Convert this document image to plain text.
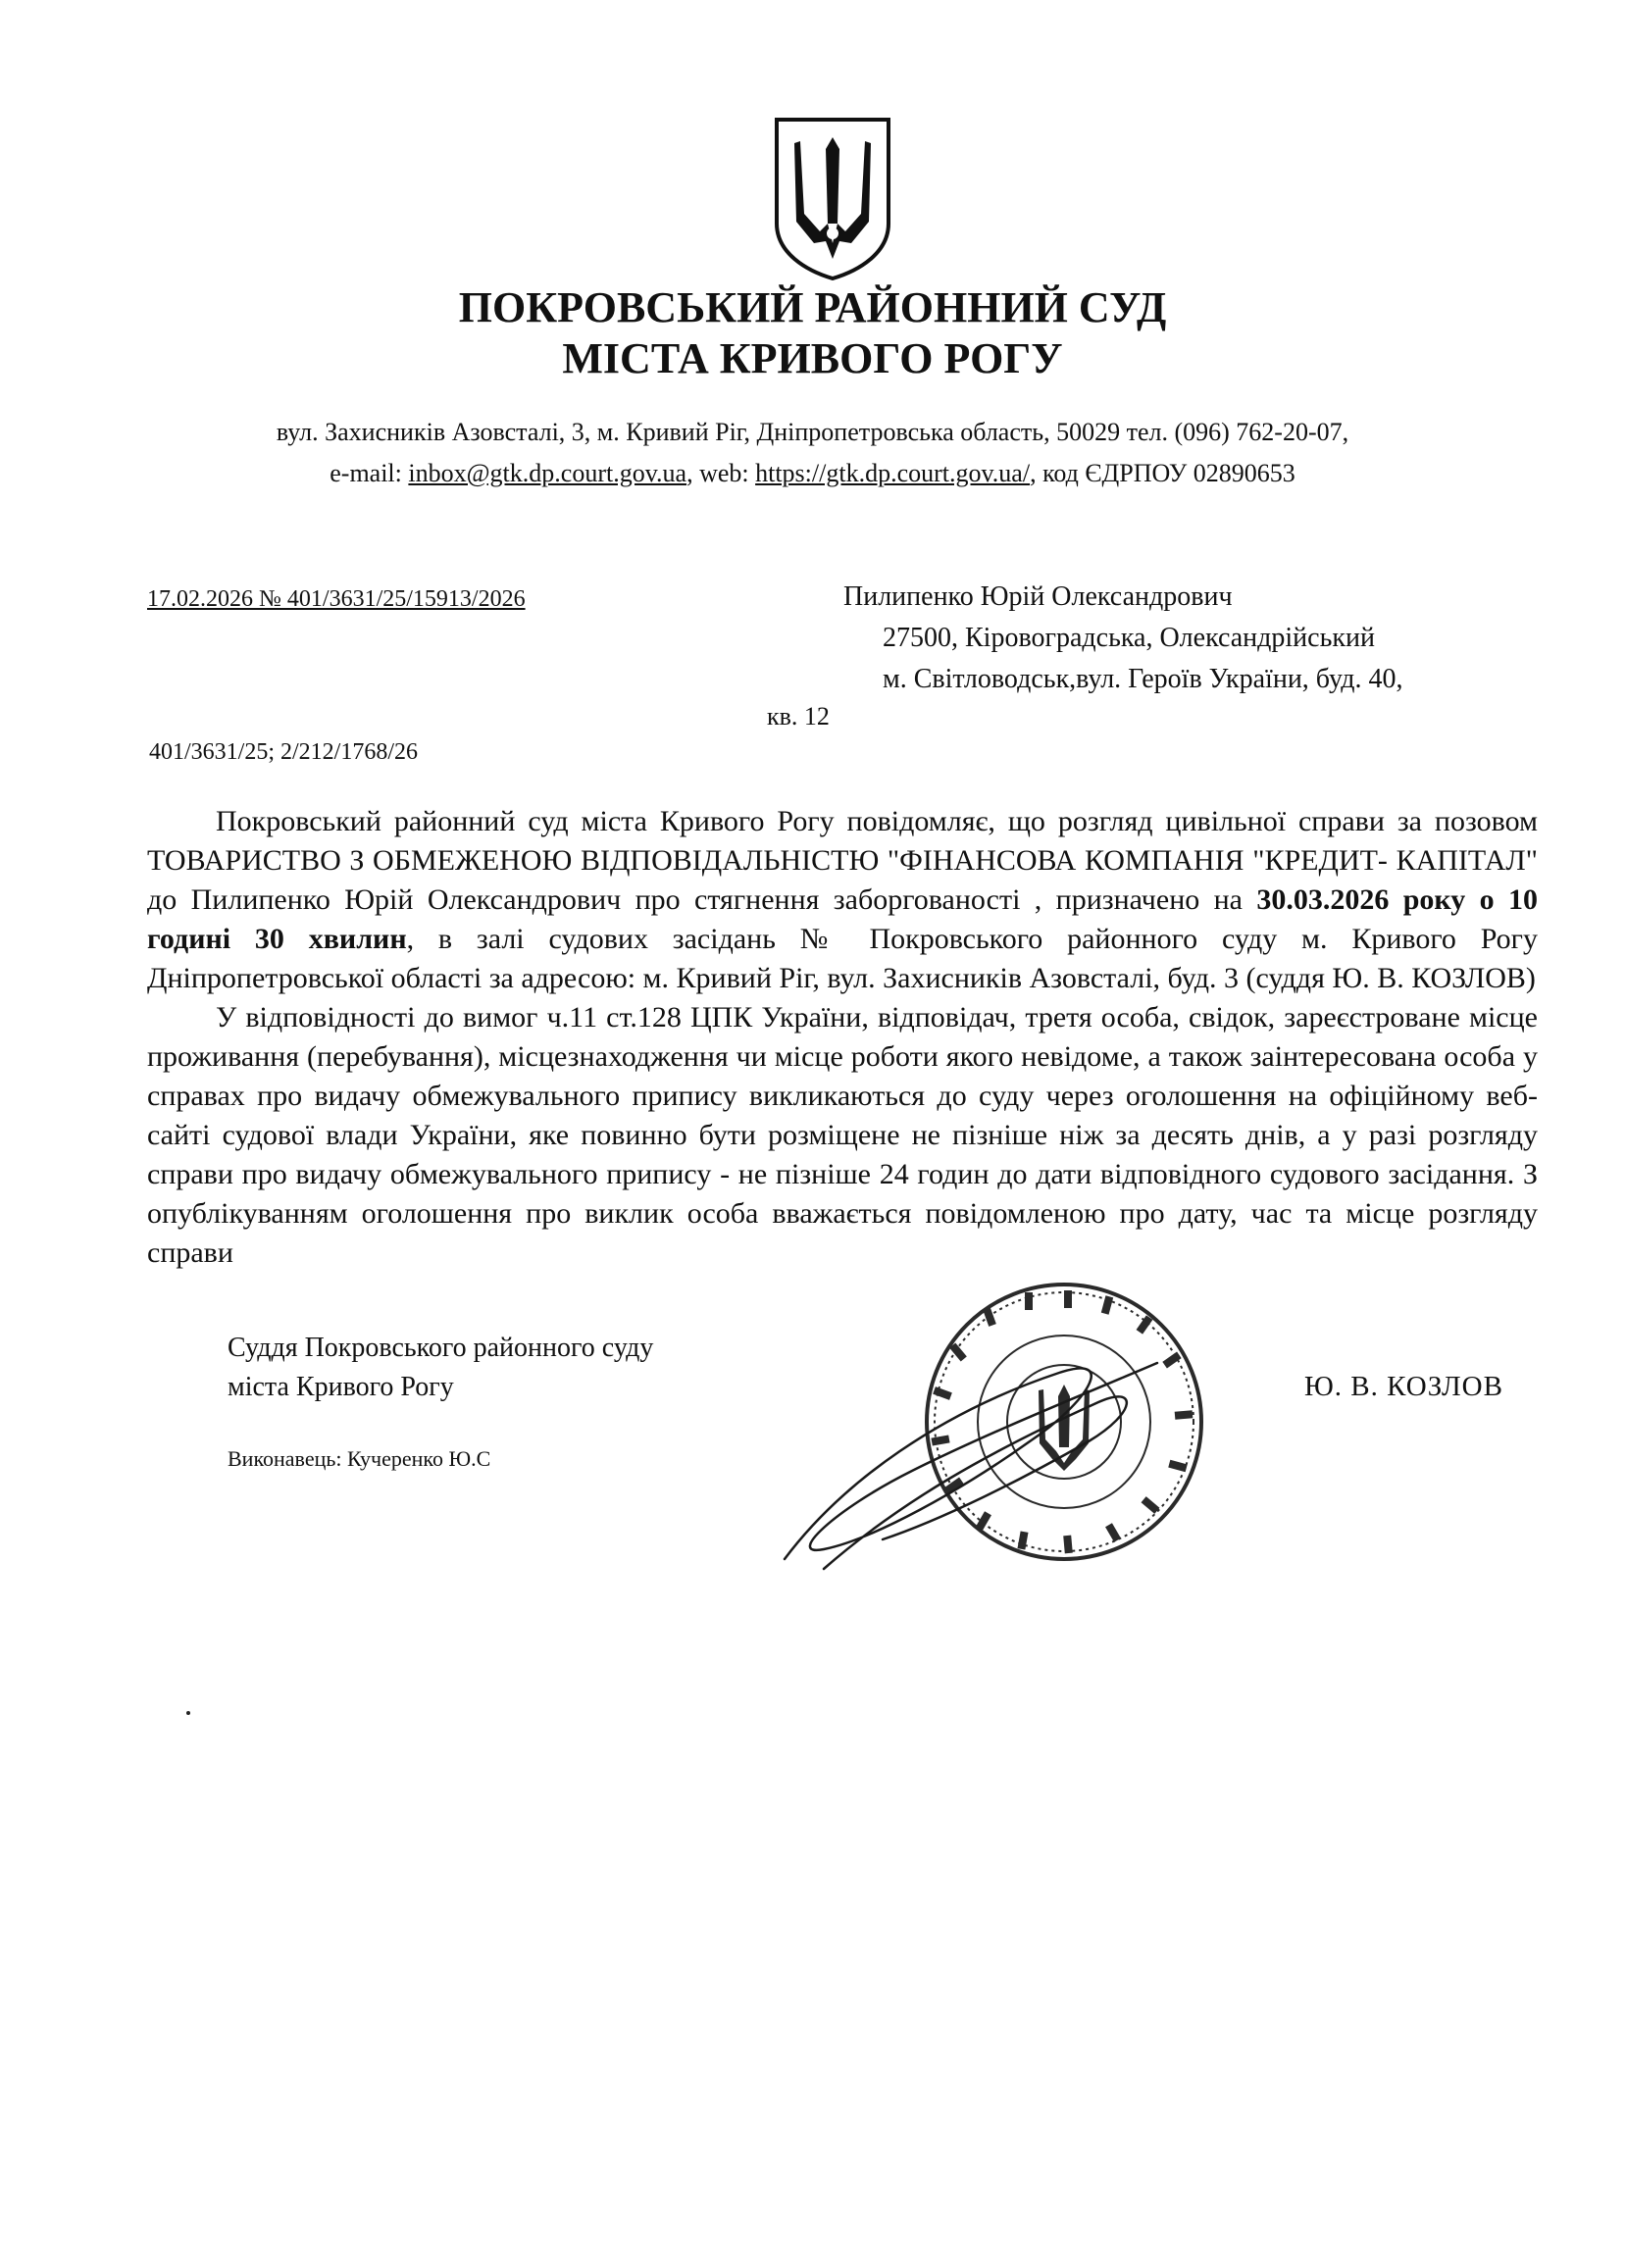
ПОКРОВСЬКИЙ РАЙОННИЙ СУД
МІСТА КРИВОГО РОГУ
вул. Захисників Азовсталі, 3, м. Кривий Ріг, Дніпропетровська область, 50029 тел. (096) 762-20-07,
e-mail: inbox@gtk.dp.court.gov.ua, web: https://gtk.dp.court.gov.ua/, код ЄДРПОУ 02890653
17.02.2026 № 401/3631/25/15913/2026	Пилипенко Юрій Олександрович
27500, Кіровоградська, Олександрійський
м. Світловодськ,вул. Героїв України, буд. 40,
кв. 12
401/3631/25; 2/212/1768/26

Покровський районний суд міста Кривого Рогу повідомляє, що розгляд цивільної справи за позовом ТОВАРИСТВО З ОБМЕЖЕНОЮ ВІДПОВІДАЛЬНІСТЮ "ФІНАНСОВА КОМПАНІЯ "КРЕДИТ- КАПІТАЛ" до Пилипенко Юрій Олександрович про стягнення заборгованості , призначено на 30.03.2026 року о 10 годині 30 хвилин, в залі судових засідань № Покровського районного суду м. Кривого Рогу Дніпропетровської області за адресою: м. Кривий Ріг, вул. Захисників Азовсталі, буд. 3 (суддя Ю. В. КОЗЛОВ)

У відповідності до вимог ч.11 ст.128 ЦПК України, відповідач, третя особа, свідок, зареєстроване місце проживання (перебування), місцезнаходження чи місце роботи якого невідоме, а також заінтересована особа у справах про видачу обмежувального припису викликаються до суду через оголошення на офіційному веб-сайті судової влади України, яке повинно бути розміщене не пізніше ніж за десять днів, а у разі розгляду справи про видачу обмежувального припису - не пізніше 24 годин до дати відповідного судового засідання. З опублікуванням оголошення про виклик особа вважається повідомленою про дату, час та місце розгляду справи

Суддя Покровського районного суду
міста Кривого Рогу	Ю. В. КОЗЛОВ
Виконавець: Кучеренко Ю.С
